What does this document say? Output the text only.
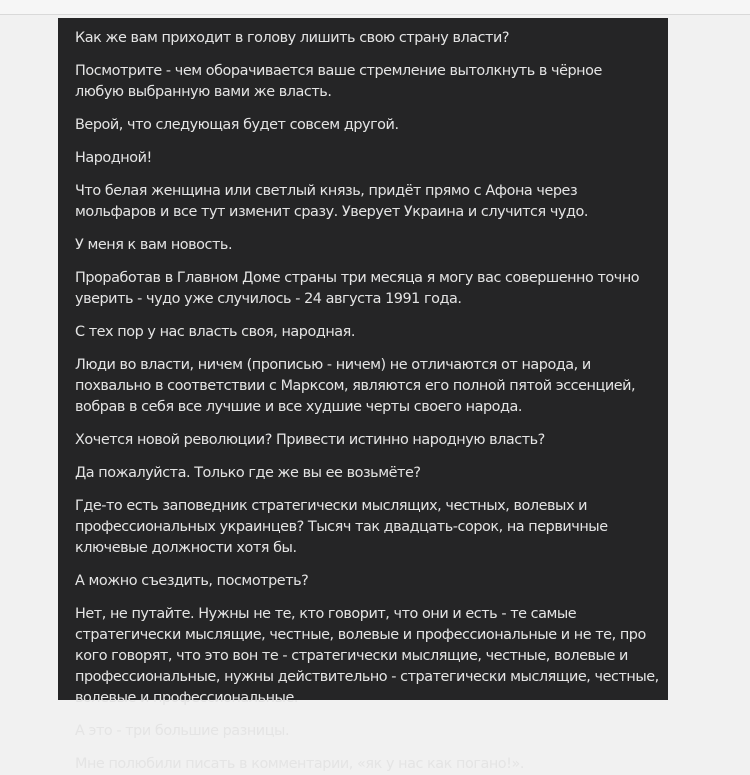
Как же вам приходит в голову лишить свою страну власти?

Посмотрите - чем оборачивается ваше стремление вытолкнуть в чёрное
любую выбранную вами же власть.

Верой, что следующая будет совсем другой.

Народной!

Что белая женщина или светлый князь, придёт прямо с Афона через
мольфаров и все тут изменит сразу. Уверует Украина и случится чудо.

У меня к вам новость.

Проработав в Главном Доме страны три месяца я могу вас совершенно точно
уверить - чудо уже случилось - 24 августа 1991 года.

С тех пор у нас власть своя, народная.

Люди во власти, ничем (прописью - ничем) не отличаются от народа, и
похвально в соответствии с Марксом, являются его полной пятой эссенцией,
вобрав в себя все лучшие и все худшие черты своего народа.

Хочется новой революции? Привести истинно народную власть?

Да пожалуйста. Только где же вы ее возьмёте?

Где-то есть заповедник стратегически мыслящих, честных, волевых и
профессиональных украинцев? Тысяч так двадцать-сорок, на первичные
ключевые должности хотя бы.

А можно съездить, посмотреть?

Нет, не путайте. Нужны не те, кто говорит, что они и есть - те самые
стратегически мыслящие, честные, волевые и профессиональные и не те, про
кого говорят, что это вон те - стратегически мыслящие, честные, волевые и
профессиональные, нужны действительно - стратегически мыслящие, честные,
волевые и профессиональные.

А это - три большие разницы.

Мне полюбили писать в комментарии, «як у нас как погано!».
